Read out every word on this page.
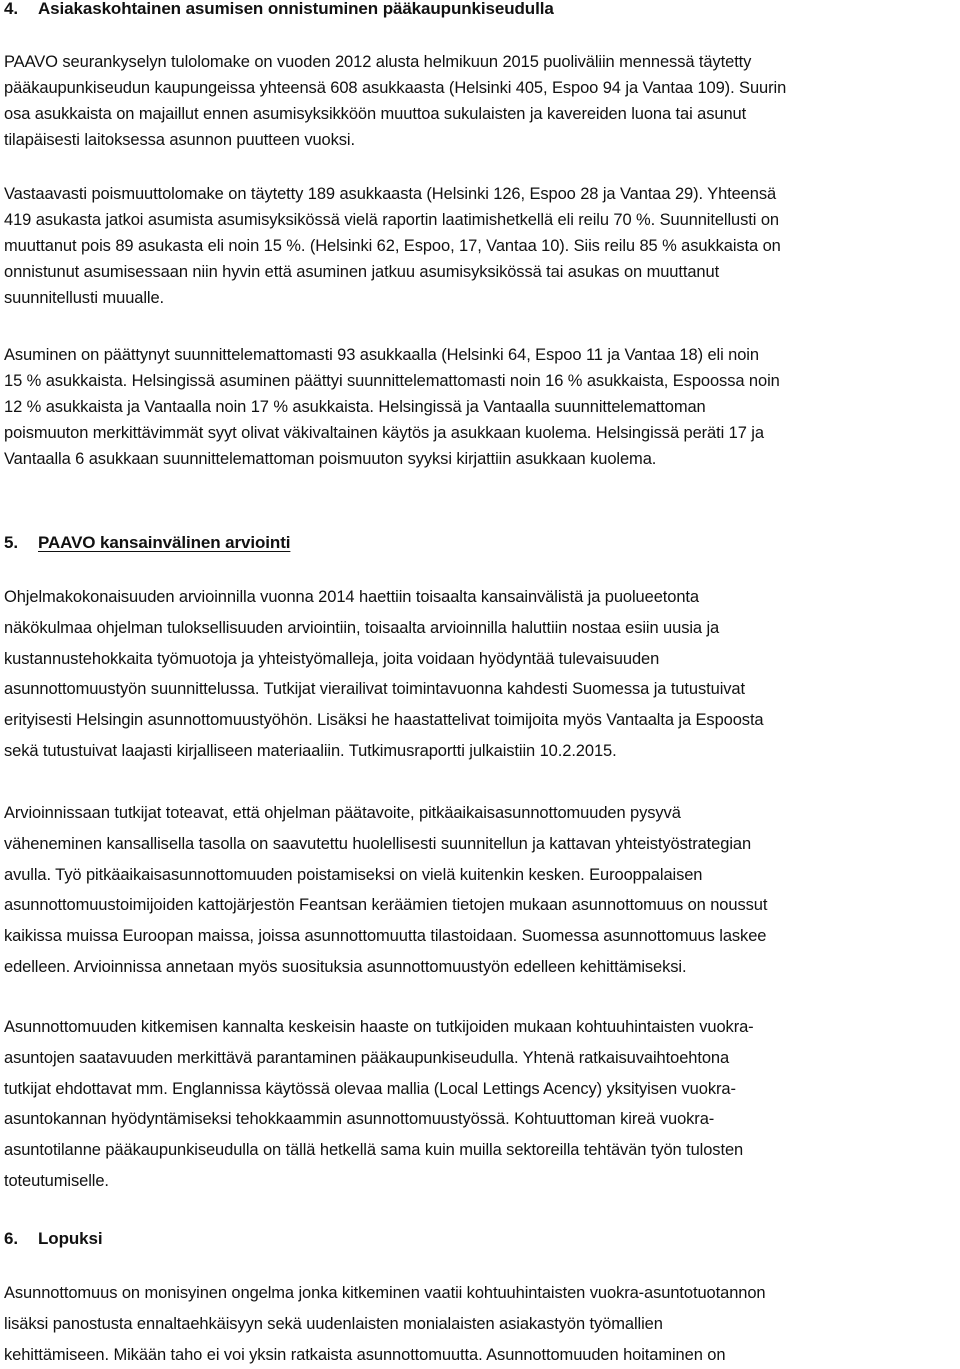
4. Asiakaskohtainen asumisen onnistuminen pääkaupunkiseudulla
PAAVO seurankyselyn tulolomake on vuoden 2012 alusta helmikuun 2015 puoliväliin mennessä täytetty
pääkaupunkiseudun kaupungeissa yhteensä 608 asukkaasta (Helsinki 405, Espoo 94 ja Vantaa 109). Suurin
osa asukkaista on majaillut ennen asumisyksikköön muuttoa sukulaisten ja kavereiden luona tai asunut
tilapäisesti laitoksessa asunnon puutteen vuoksi.
Vastaavasti poismuuttolomake on täytetty 189 asukkaasta (Helsinki 126, Espoo 28 ja Vantaa 29). Yhteensä
419 asukasta jatkoi asumista asumisyksikössä vielä raportin laatimishetkellä eli reilu 70 %. Suunnitellusti on
muuttanut pois 89 asukasta eli noin 15 %. (Helsinki 62, Espoo, 17, Vantaa 10). Siis reilu 85 % asukkaista on
onnistunut asumisessaan niin hyvin että asuminen jatkuu asumisyksikössä tai asukas on muuttanut
suunnitellusti muualle.
Asuminen on päättynyt suunnittelemattomasti 93 asukkaalla (Helsinki 64, Espoo 11 ja Vantaa 18) eli noin
15 % asukkaista. Helsingissä asuminen päättyi suunnittelemattomasti noin 16 % asukkaista, Espoossa noin
12 % asukkaista ja Vantaalla noin 17 % asukkaista. Helsingissä ja Vantaalla suunnittelemattoman
poismuuton merkittävimmät syyt olivat väkivaltainen käytös ja asukkaan kuolema. Helsingissä peräti 17 ja
Vantaalla 6 asukkaan suunnittelemattoman poismuuton syyksi kirjattiin asukkaan kuolema.
5. PAAVO kansainvälinen arviointi
Ohjelmakokonaisuuden arvioinnilla vuonna 2014 haettiin toisaalta kansainvälistä ja puolueetonta
näkökulmaa ohjelman tuloksellisuuden arviointiin, toisaalta arvioinnilla haluttiin nostaa esiin uusia ja
kustannustehokkaita työmuotoja ja yhteistyömalleja, joita voidaan hyödyntää tulevaisuuden
asunnottomuustyön suunnittelussa. Tutkijat vierailivat toimintavuonna kahdesti Suomessa ja tutustuivat
erityisesti Helsingin asunnottomuustyöhön. Lisäksi he haastattelivat toimijoita myös Vantaalta ja Espoosta
sekä tutustuivat laajasti kirjalliseen materiaaliin. Tutkimusraportti julkaistiin 10.2.2015.
Arvioinnissaan tutkijat toteavat, että ohjelman päätavoite, pitkäaikaisasunnottomuuden pysyvä
väheneminen kansallisella tasolla on saavutettu huolellisesti suunnitellun ja kattavan yhteistyöstrategian
avulla. Työ pitkäaikaisasunnottomuuden poistamiseksi on vielä kuitenkin kesken. Eurooppalaisen
asunnottomuustoimijoiden kattojärjestön Feantsan keräämien tietojen mukaan asunnottomuus on noussut
kaikissa muissa Euroopan maissa, joissa asunnottomuutta tilastoidaan. Suomessa asunnottomuus laskee
edelleen. Arvioinnissa annetaan myös suosituksia asunnottomuustyön edelleen kehittämiseksi.
Asunnottomuuden kitkemisen kannalta keskeisin haaste on tutkijoiden mukaan kohtuuhintaisten vuokra-
asuntojen saatavuuden merkittävä parantaminen pääkaupunkiseudulla. Yhtenä ratkaisuvaihtoehtona
tutkijat ehdottavat mm. Englannissa käytössä olevaa mallia (Local Lettings Acency) yksityisen vuokra-
asuntokannan hyödyntämiseksi tehokkaammin asunnottomuustyössä. Kohtuuttoman kireä vuokra-
asuntotilanne pääkaupunkiseudulla on tällä hetkellä sama kuin muilla sektoreilla tehtävän työn tulosten
toteutumiselle.
6. Lopuksi
Asunnottomuus on monisyinen ongelma jonka kitkeminen vaatii kohtuuhintaisten vuokra-asuntotuotannon
lisäksi panostusta ennaltaehkäisyyn sekä uudenlaisten monialaisten asiakastyön työmallien
kehittämiseen. Mikään taho ei voi yksin ratkaista asunnottomuutta. Asunnottomuuden hoitaminen on
